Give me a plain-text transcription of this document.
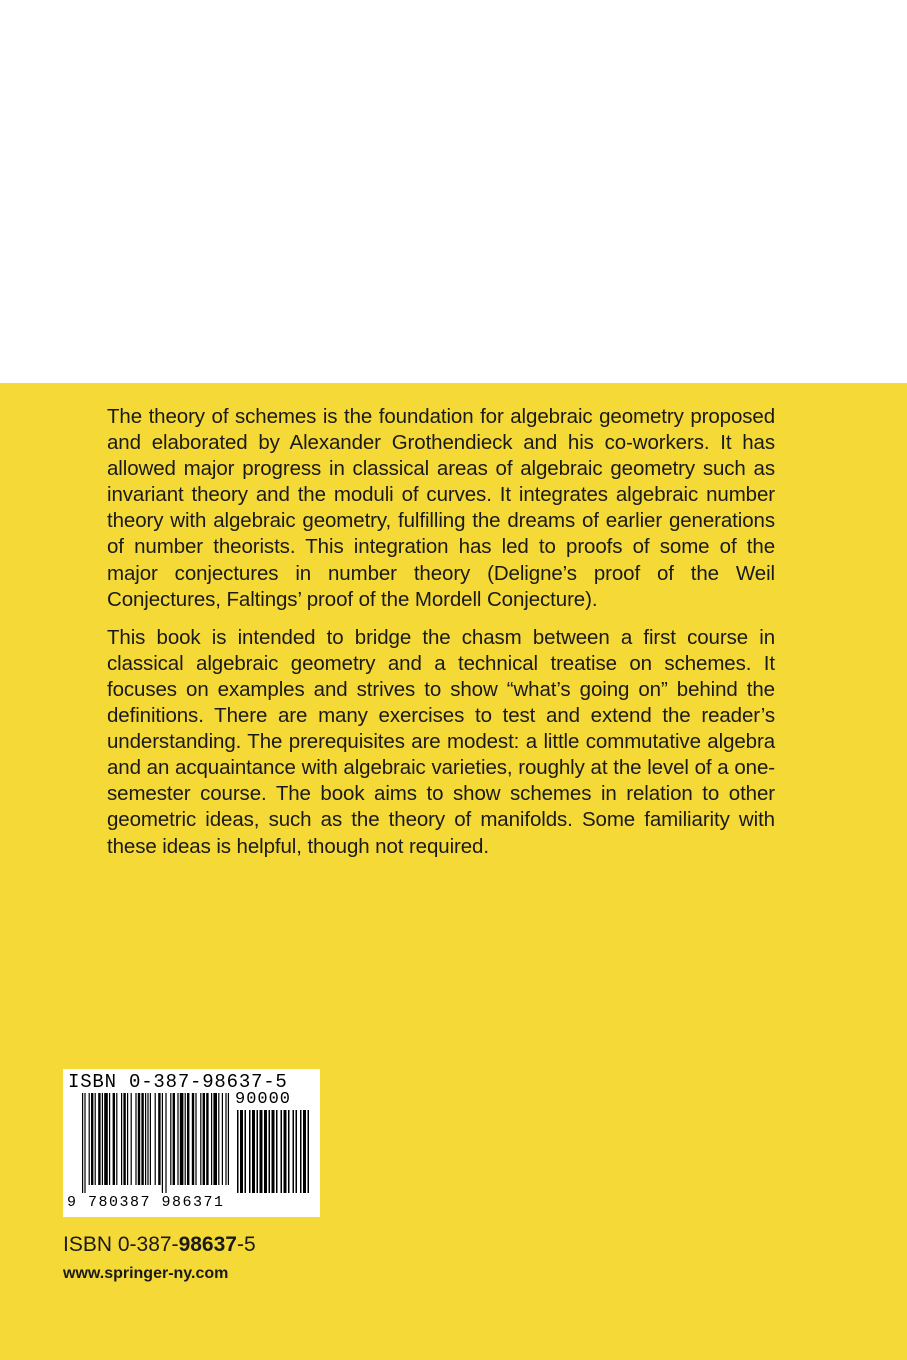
The theory of schemes is the foundation for algebraic geometry proposed and elaborated by Alexander Grothendieck and his co-workers. It has allowed major progress in classical areas of algebraic geometry such as invariant theory and the moduli of curves. It integrates algebraic number theory with algebraic geometry, fulfilling the dreams of earlier generations of number theorists. This integration has led to proofs of some of the major conjectures in number theory (Deligne’s proof of the Weil Conjectures, Faltings’ proof of the Mordell Conjecture).

This book is intended to bridge the chasm between a first course in classical algebraic geometry and a technical treatise on schemes. It focuses on examples and strives to show “what’s going on” behind the definitions. There are many exercises to test and extend the reader’s understanding. The prerequisites are modest: a little commutative algebra and an acquaintance with algebraic varieties, roughly at the level of a one-semester course. The book aims to show schemes in relation to other geometric ideas, such as the theory of manifolds. Some familiarity with these ideas is helpful, though not required.

ISBN 0-387-98637-5
90000
9 780387 986371
ISBN 0-387-98637-5
www.springer-ny.com
